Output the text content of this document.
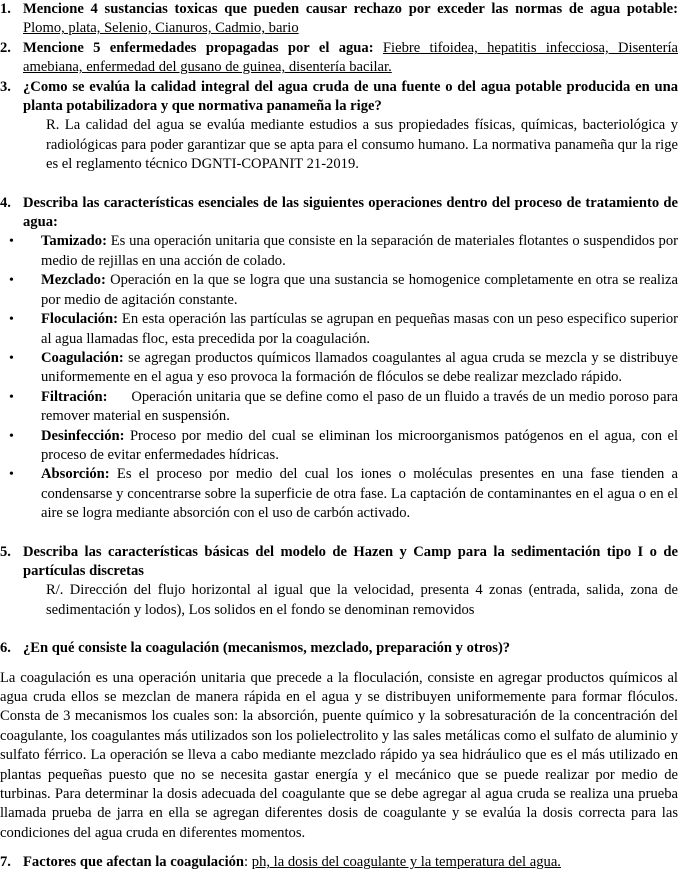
1. Mencione 4 sustancias toxicas que pueden causar rechazo por exceder las normas de agua potable: Plomo, plata, Selenio, Cianuros, Cadmio, bario
2. Mencione 5 enfermedades propagadas por el agua: Fiebre tifoidea, hepatitis infecciosa, Disentería amebiana, enfermedad del gusano de guinea, disentería bacilar.
3. ¿Como se evalúa la calidad integral del agua cruda de una fuente o del agua potable producida en una planta potabilizadora y que normativa panameña la rige?
R. La calidad del agua se evalúa mediante estudios a sus propiedades físicas, químicas, bacteriológica y radiológicas para poder garantizar que se apta para el consumo humano. La normativa panameña qur la rige es el reglamento técnico DGNTI-COPANIT 21-2019.
4. Describa las características esenciales de las siguientes operaciones dentro del proceso de tratamiento de agua:
• Tamizado: Es una operación unitaria que consiste en la separación de materiales flotantes o suspendidos por medio de rejillas en una acción de colado.
• Mezclado: Operación en la que se logra que una sustancia se homogenice completamente en otra se realiza por medio de agitación constante.
• Floculación: En esta operación las partículas se agrupan en pequeñas masas con un peso especifico superior al agua llamadas floc, esta precedida por la coagulación.
• Coagulación: se agregan productos químicos llamados coagulantes al agua cruda se mezcla y se distribuye uniformemente en el agua y eso provoca la formación de flóculos se debe realizar mezclado rápido.
• Filtración:      Operación unitaria que se define como el paso de un fluido a través de un medio poroso para remover material en suspensión.
• Desinfección: Proceso por medio del cual se eliminan los microorganismos patógenos en el agua, con el proceso de evitar enfermedades hídricas.
• Absorción: Es el proceso por medio del cual los iones o moléculas presentes en una fase tienden a condensarse y concentrarse sobre la superficie de otra fase. La captación de contaminantes en el agua o en el aire se logra mediante absorción con el uso de carbón activado.
5. Describa las características básicas del modelo de Hazen y Camp para la sedimentación tipo I o de partículas discretas
R/. Dirección del flujo horizontal al igual que la velocidad, presenta 4 zonas (entrada, salida, zona de sedimentación y lodos), Los solidos en el fondo se denominan removidos
6. ¿En qué consiste la coagulación (mecanismos, mezclado, preparación y otros)?
La coagulación es una operación unitaria que precede a la floculación, consiste en agregar productos químicos al agua cruda ellos se mezclan de manera rápida en el agua y se distribuyen uniformemente para formar flóculos. Consta de 3 mecanismos los cuales son: la absorción, puente químico y la sobresaturación de la concentración del coagulante, los coagulantes más utilizados son los polielectrolito y las sales metálicas como el sulfato de aluminio y sulfato férrico. La operación se lleva a cabo mediante mezclado rápido ya sea hidráulico que es el más utilizado en plantas pequeñas puesto que no se necesita gastar energía y el mecánico que se puede realizar por medio de turbinas. Para determinar la dosis adecuada del coagulante que se debe agregar al agua cruda se realiza una prueba llamada prueba de jarra en ella se agregan diferentes dosis de coagulante y se evalúa la dosis correcta para las condiciones del agua cruda en diferentes momentos.
7. Factores que afectan la coagulación: ph, la dosis del coagulante y la temperatura del agua.
